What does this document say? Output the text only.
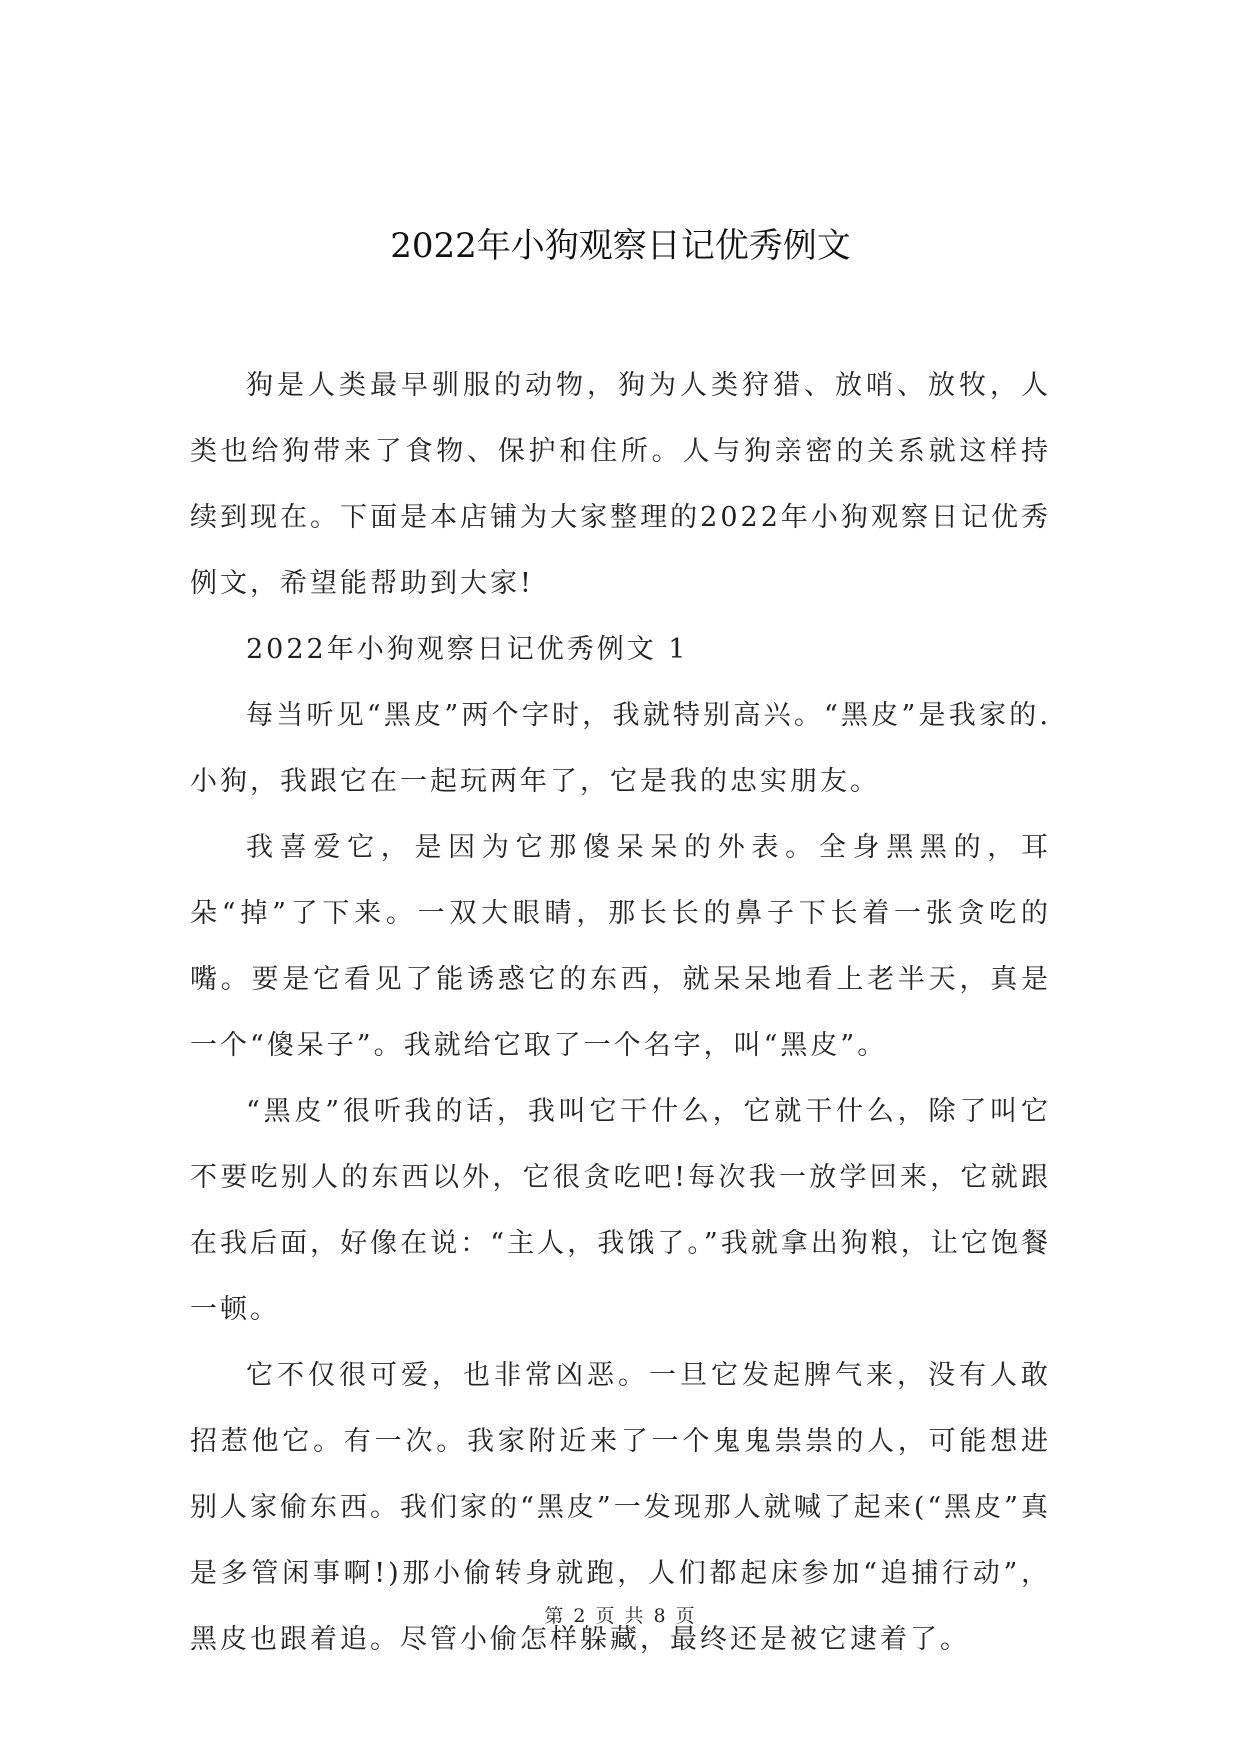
2022年小狗观察日记优秀例文

狗是人类最早驯服的动物，狗为人类狩猎、放哨、放牧，人类也给狗带来了食物、保护和住所。人与狗亲密的关系就这样持续到现在。下面是本店铺为大家整理的2022年小狗观察日记优秀例文，希望能帮助到大家!

2022年小狗观察日记优秀例文 1

每当听见“黑皮”两个字时，我就特别高兴。“黑皮”是我家的.小狗，我跟它在一起玩两年了，它是我的忠实朋友。

我喜爱它，是因为它那傻呆呆的外表。全身黑黑的，耳朵“掉”了下来。一双大眼睛，那长长的鼻子下长着一张贪吃的嘴。要是它看见了能诱惑它的东西，就呆呆地看上老半天，真是一个“傻呆子”。我就给它取了一个名字，叫“黑皮”。

“黑皮”很听我的话，我叫它干什么，它就干什么，除了叫它不要吃别人的东西以外，它很贪吃吧!每次我一放学回来，它就跟在我后面，好像在说：“主人，我饿了。”我就拿出狗粮，让它饱餐一顿。

它不仅很可爱，也非常凶恶。一旦它发起脾气来，没有人敢招惹他它。有一次。我家附近来了一个鬼鬼祟祟的人，可能想进别人家偷东西。我们家的“黑皮”一发现那人就喊了起来(“黑皮”真是多管闲事啊!)那小偷转身就跑，人们都起床参加“追捕行动”，黑皮也跟着追。尽管小偷怎样躲藏，最终还是被它逮着了。

第 2 页 共 8 页
